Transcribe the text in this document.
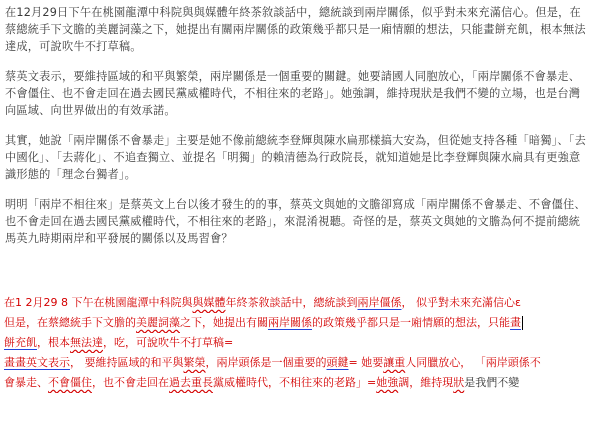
在12月29日下午在桃園龍潭中科院與與媒體年終茶敘談話中，總統談到兩岸關係，似乎對未來充滿信心。但是，在蔡總統手下文膽的美麗詞藻之下，她提出有關兩岸關係的政策幾乎都只是一廂情願的想法，只能畫餅充飢，根本無法達成，可說吹牛不打草稿。

蔡英文表示，要維持區域的和平與繁榮，兩岸關係是一個重要的關鍵。她要請國人同胞放心，「兩岸關係不會暴走、不會僵住、也不會走回在過去國民黨威權時代，不相往來的老路」。她強調，維持現狀是我們不變的立場，也是台灣向區域、向世界做出的有效承諾。

其實，她說「兩岸關係不會暴走」主要是她不像前總統李登輝與陳水扁那樣搞大安為，但從她支持各種「暗獨」、「去中國化」、「去蔣化」、不追查獨立、並提名「明獨」的賴清德為行政院長，就知道她是比李登輝與陳水扁具有更強意識形態的「理念台獨者」。

明明「兩岸不相往來」是蔡英文上台以後才發生的的事，蔡英文與她的文膽卻寫成「兩岸關係不會暴走、不會僵住、也不會走回在過去國民黨威權時代，不相往來的老路」，來混淆視聽。奇怪的是，蔡英文與她的文膽為何不提前總統馬英九時期兩岸和平發展的關係以及馬習會？

在1 2月29 8 下午在桃園龍潭中科院與與媒體年終茶敘談話中，總統談到兩岸僵係， 似乎對未來充滿信心ε
但是，在蔡總統手下文膽的美麗詞藻之下，她提出有關兩岸關係的政策幾乎都只是一廂情願的想法，只能畫
餅充飢，根本無法達，吃，可說吹牛不打草稿=
畫畫英文表示， 要維持區域的和平與繁榮，兩岸頭係是一個重要的頭鍵= 她要讓重人同臘放心， 「兩岸頭係不
會暴走、不會僵住，也不會走回在過去重長黨威權時代，不相往來的老路」=她強調，維持現狀是我們不變
